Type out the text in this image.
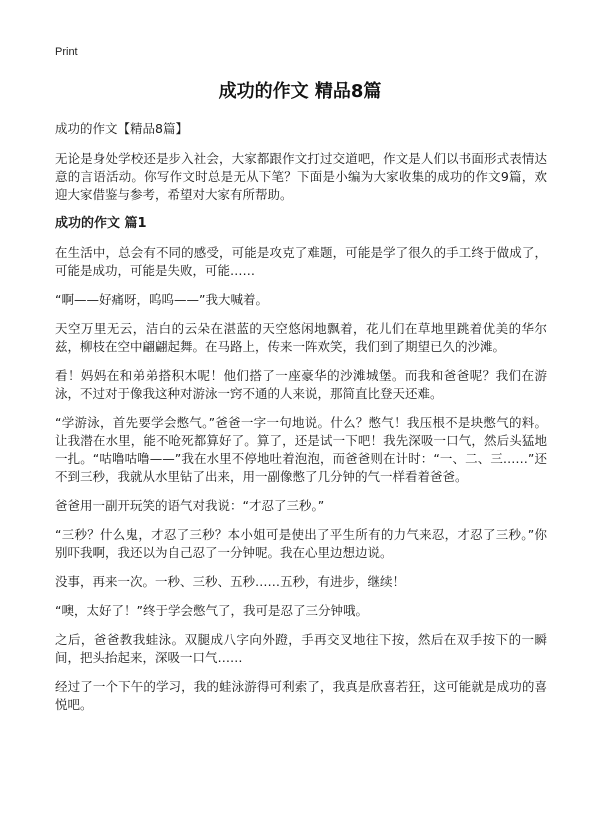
Print
成功的作文 精品8篇

成功的作文【精品8篇】

无论是身处学校还是步入社会，大家都跟作文打过交道吧，作文是人们以书面形式表情达意的言语活动。你写作文时总是无从下笔？下面是小编为大家收集的成功的作文9篇，欢迎大家借鉴与参考，希望对大家有所帮助。

成功的作文 篇1

在生活中，总会有不同的感受，可能是攻克了难题，可能是学了很久的手工终于做成了，可能是成功，可能是失败，可能……

“啊——好痛呀，呜呜——”我大喊着。

天空万里无云，洁白的云朵在湛蓝的天空悠闲地飘着，花儿们在草地里跳着优美的华尔兹，柳枝在空中翩翩起舞。在马路上，传来一阵欢笑，我们到了期望已久的沙滩。

看！妈妈在和弟弟搭积木呢！他们搭了一座豪华的沙滩城堡。而我和爸爸呢？我们在游泳，不过对于像我这种对游泳一窍不通的人来说，那简直比登天还难。

“学游泳，首先要学会憋气。”爸爸一字一句地说。什么？憋气！我压根不是块憋气的料。让我潜在水里，能不呛死都算好了。算了，还是试一下吧！我先深吸一口气，然后头猛地一扎。“咕噜咕噜——”我在水里不停地吐着泡泡，而爸爸则在计时：“一、二、三……”还不到三秒，我就从水里钻了出来，用一副像憋了几分钟的气一样看着爸爸。

爸爸用一副开玩笑的语气对我说：“才忍了三秒。”

“三秒？什么鬼，才忍了三秒？本小姐可是使出了平生所有的力气来忍，才忍了三秒。”你别吓我啊，我还以为自己忍了一分钟呢。我在心里边想边说。

没事，再来一次。一秒、三秒、五秒……五秒，有进步，继续！

“噢，太好了！”终于学会憋气了，我可是忍了三分钟哦。

之后，爸爸教我蛙泳。双腿成八字向外蹬，手再交叉地往下按，然后在双手按下的一瞬间，把头抬起来，深吸一口气……

经过了一个下午的学习，我的蛙泳游得可利索了，我真是欣喜若狂，这可能就是成功的喜悦吧。
